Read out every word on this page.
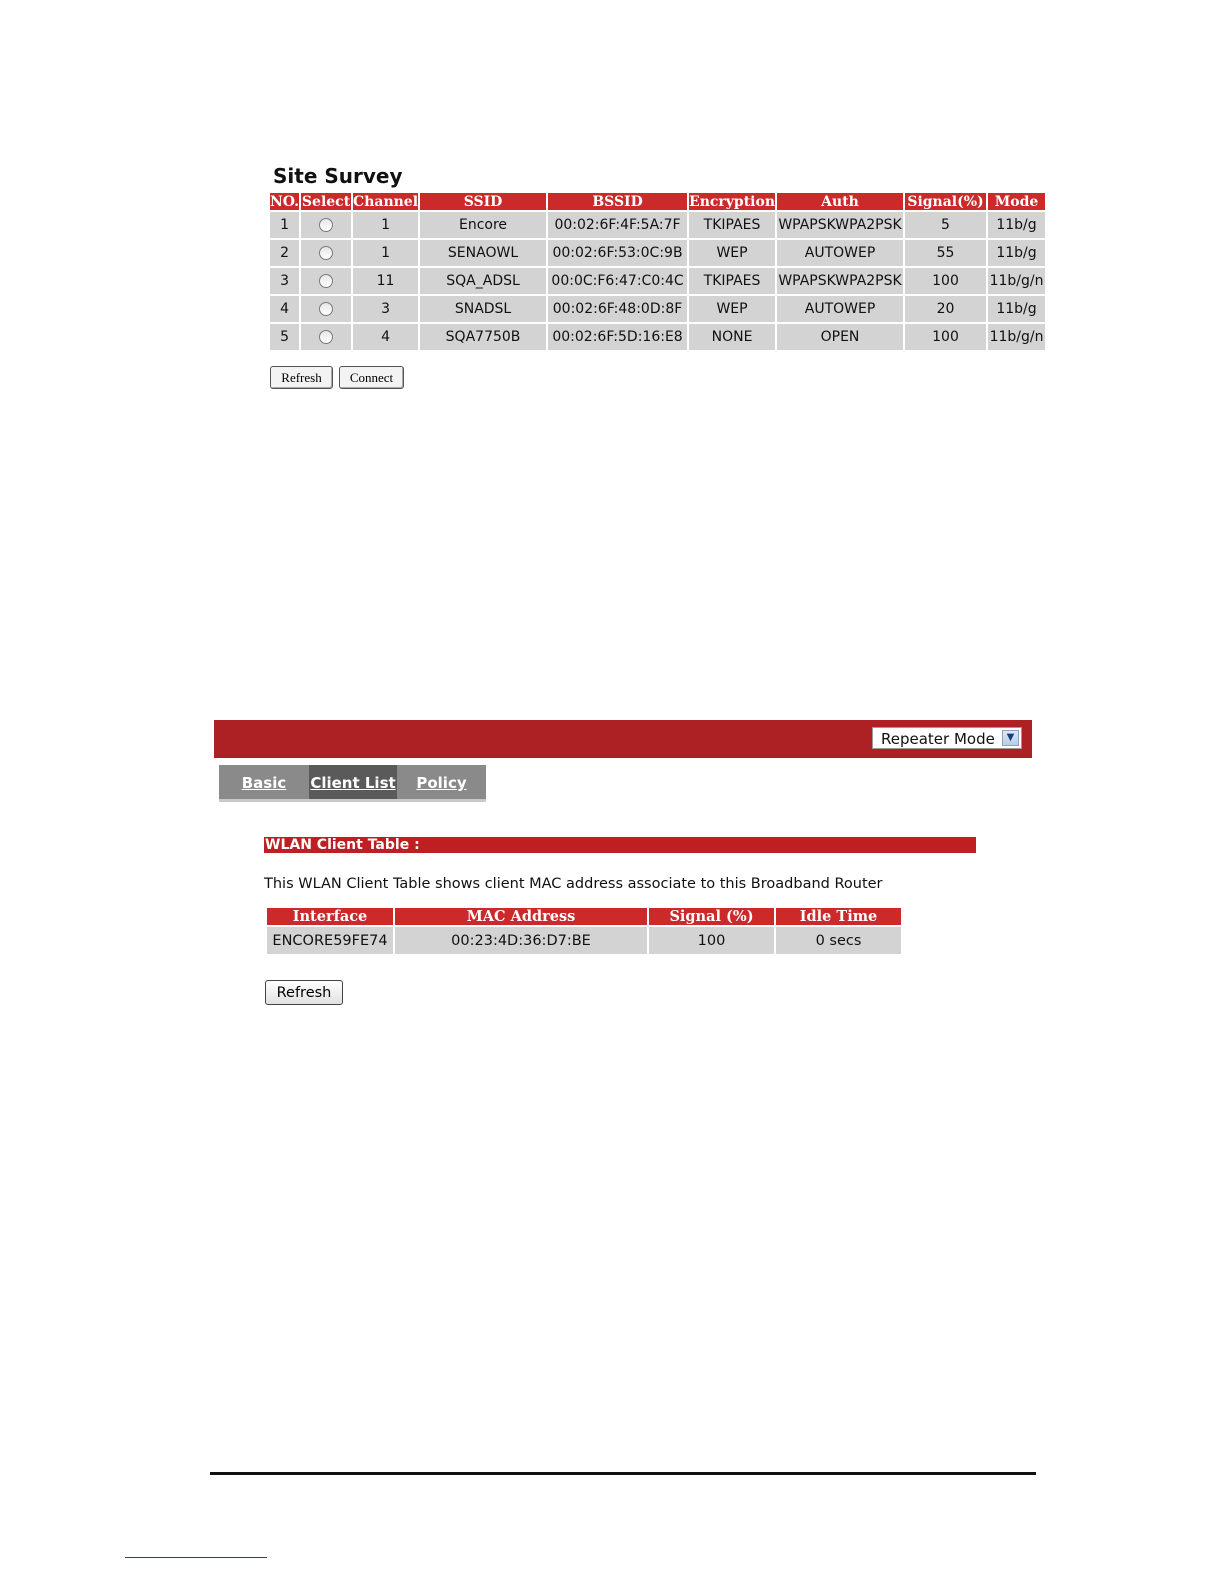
Site Survey
NO.	Select	Channel	SSID	BSSID	Encryption	Auth	Signal(%)	Mode
1		1	Encore	00:02:6F:4F:5A:7F	TKIPAES	WPAPSKWPA2PSK	5	11b/g
2		1	SENAOWL	00:02:6F:53:0C:9B	WEP	AUTOWEP	55	11b/g
3		11	SQA_ADSL	00:0C:F6:47:C0:4C	TKIPAES	WPAPSKWPA2PSK	100	11b/g/n
4		3	SNADSL	00:02:6F:48:0D:8F	WEP	AUTOWEP	20	11b/g
5		4	SQA7750B	00:02:6F:5D:16:E8	NONE	OPEN	100	11b/g/n
Refresh	Connect
Repeater Mode	▼
Basic	Client List	Policy
WLAN Client Table :
This WLAN Client Table shows client MAC address associate to this Broadband Router
Interface	MAC Address	Signal (%)	Idle Time
ENCORE59FE74	00:23:4D:36:D7:BE	100	0 secs
Refresh
